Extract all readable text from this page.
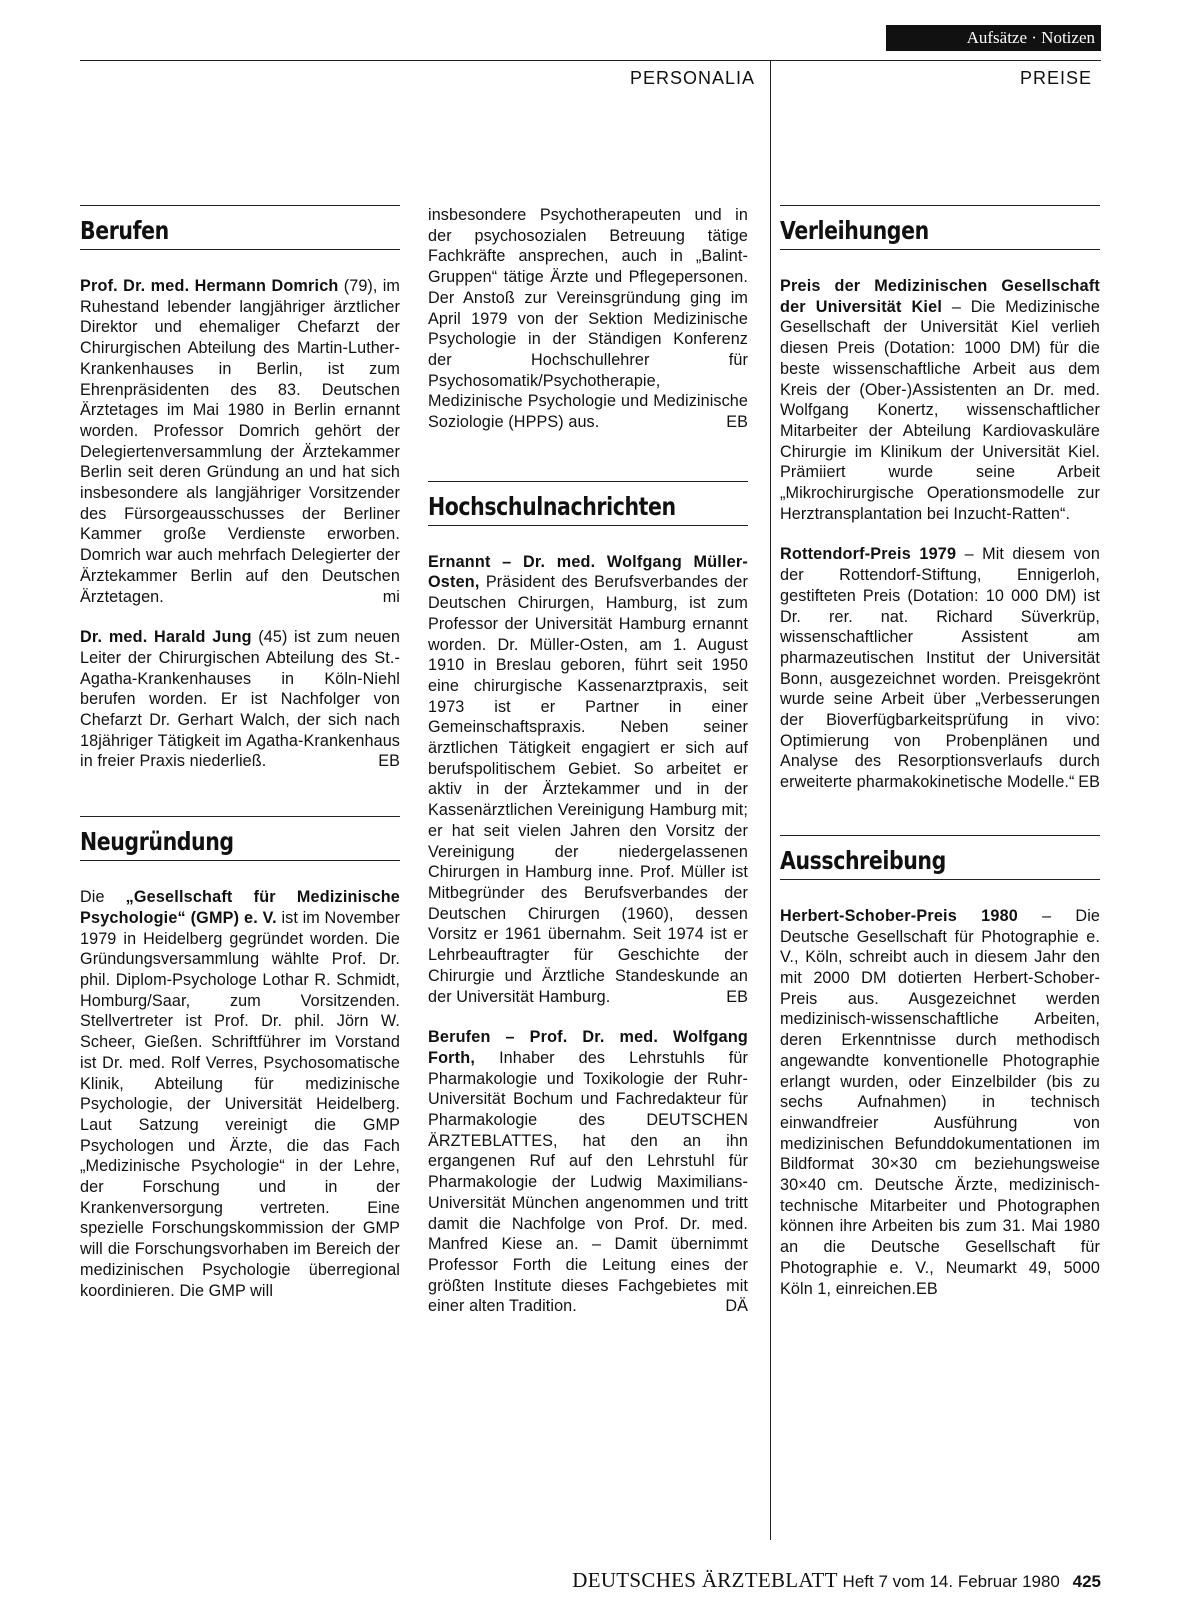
Aufsätze · Notizen
PERSONALIA	PREISE
Berufen

Prof. Dr. med. Hermann Domrich (79), im Ruhestand lebender langjähriger ärztlicher Direktor und ehemaliger Chefarzt der Chirurgischen Abteilung des Martin-Luther-Krankenhauses in Berlin, ist zum Ehrenpräsidenten des 83. Deutschen Ärztetages im Mai 1980 in Berlin ernannt worden. Professor Domrich gehört der Delegiertenversammlung der Ärztekammer Berlin seit deren Gründung an und hat sich insbesondere als langjähriger Vorsitzender des Fürsorgeausschusses der Berliner Kammer große Verdienste erworben. Domrich war auch mehrfach Delegierter der Ärztekammer Berlin auf den Deutschen Ärztetagen.	mi

Dr. med. Harald Jung (45) ist zum neuen Leiter der Chirurgischen Abteilung des St.-Agatha-Krankenhauses in Köln-Niehl berufen worden. Er ist Nachfolger von Chefarzt Dr. Gerhart Walch, der sich nach 18jähriger Tätigkeit im Agatha-Krankenhaus in freier Praxis niederließ.	EB

Neugründung

Die „Gesellschaft für Medizinische Psychologie“ (GMP) e. V. ist im November 1979 in Heidelberg gegründet worden. Die Gründungsversammlung wählte Prof. Dr. phil. Diplom-Psychologe Lothar R. Schmidt, Homburg/Saar, zum Vorsitzenden. Stellvertreter ist Prof. Dr. phil. Jörn W. Scheer, Gießen. Schriftführer im Vorstand ist Dr. med. Rolf Verres, Psychosomatische Klinik, Abteilung für medizinische Psychologie, der Universität Heidelberg. Laut Satzung vereinigt die GMP Psychologen und Ärzte, die das Fach „Medizinische Psychologie“ in der Lehre, der Forschung und in der Krankenversorgung vertreten. Eine spezielle Forschungskommission der GMP will die Forschungsvorhaben im Bereich der medizinischen Psychologie überregional koordinieren. Die GMP will

insbesondere Psychotherapeuten und in der psychosozialen Betreuung tätige Fachkräfte ansprechen, auch in „Balint-Gruppen“ tätige Ärzte und Pflegepersonen. Der Anstoß zur Vereinsgründung ging im April 1979 von der Sektion Medizinische Psychologie in der Ständigen Konferenz der Hochschullehrer für Psychosomatik/Psychotherapie, Medizinische Psychologie und Medizinische Soziologie (HPPS) aus.	EB

Hochschulnachrichten

Ernannt – Dr. med. Wolfgang Müller-Osten, Präsident des Berufsverbandes der Deutschen Chirurgen, Hamburg, ist zum Professor der Universität Hamburg ernannt worden. Dr. Müller-Osten, am 1. August 1910 in Breslau geboren, führt seit 1950 eine chirurgische Kassenarztpraxis, seit 1973 ist er Partner in einer Gemeinschaftspraxis. Neben seiner ärztlichen Tätigkeit engagiert er sich auf berufspolitischem Gebiet. So arbeitet er aktiv in der Ärztekammer und in der Kassenärztlichen Vereinigung Hamburg mit; er hat seit vielen Jahren den Vorsitz der Vereinigung der niedergelassenen Chirurgen in Hamburg inne. Prof. Müller ist Mitbegründer des Berufsverbandes der Deutschen Chirurgen (1960), dessen Vorsitz er 1961 übernahm. Seit 1974 ist er Lehrbeauftragter für Geschichte der Chirurgie und Ärztliche Standeskunde an der Universität Hamburg.	EB

Berufen – Prof. Dr. med. Wolfgang Forth, Inhaber des Lehrstuhls für Pharmakologie und Toxikologie der Ruhr-Universität Bochum und Fachredakteur für Pharmakologie des DEUTSCHEN ÄRZTEBLATTES, hat den an ihn ergangenen Ruf auf den Lehrstuhl für Pharmakologie der Ludwig Maximilians-Universität München angenommen und tritt damit die Nachfolge von Prof. Dr. med. Manfred Kiese an. – Damit übernimmt Professor Forth die Leitung eines der größten Institute dieses Fachgebietes mit einer alten Tradition.	DÄ

Verleihungen

Preis der Medizinischen Gesellschaft der Universität Kiel – Die Medizinische Gesellschaft der Universität Kiel verlieh diesen Preis (Dotation: 1000 DM) für die beste wissenschaftliche Arbeit aus dem Kreis der (Ober-)Assistenten an Dr. med. Wolfgang Konertz, wissenschaftlicher Mitarbeiter der Abteilung Kardiovaskuläre Chirurgie im Klinikum der Universität Kiel. Prämiiert wurde seine Arbeit „Mikrochirurgische Operationsmodelle zur Herztransplantation bei Inzucht-Ratten“.

Rottendorf-Preis 1979 – Mit diesem von der Rottendorf-Stiftung, Ennigerloh, gestifteten Preis (Dotation: 10 000 DM) ist Dr. rer. nat. Richard Süverkrüp, wissenschaftlicher Assistent am pharmazeutischen Institut der Universität Bonn, ausgezeichnet worden. Preisgekrönt wurde seine Arbeit über „Verbesserungen der Bioverfügbarkeitsprüfung in vivo: Optimierung von Probenplänen und Analyse des Resorptionsverlaufs durch erweiterte pharmakokinetische Modelle.“ EB

Ausschreibung

Herbert-Schober-Preis 1980 – Die Deutsche Gesellschaft für Photographie e. V., Köln, schreibt auch in diesem Jahr den mit 2000 DM dotierten Herbert-Schober-Preis aus. Ausgezeichnet werden medizinisch-wissenschaftliche Arbeiten, deren Erkenntnisse durch methodisch angewandte konventionelle Photographie erlangt wurden, oder Einzelbilder (bis zu sechs Aufnahmen) in technisch einwandfreier Ausführung von medizinischen Befunddokumentationen im Bildformat 30×30 cm beziehungsweise 30×40 cm. Deutsche Ärzte, medizinisch-technische Mitarbeiter und Photographen können ihre Arbeiten bis zum 31. Mai 1980 an die Deutsche Gesellschaft für Photographie e. V., Neumarkt 49, 5000 Köln 1, einreichen.EB

DEUTSCHES ÄRZTEBLATT Heft 7 vom 14. Februar 1980 425
